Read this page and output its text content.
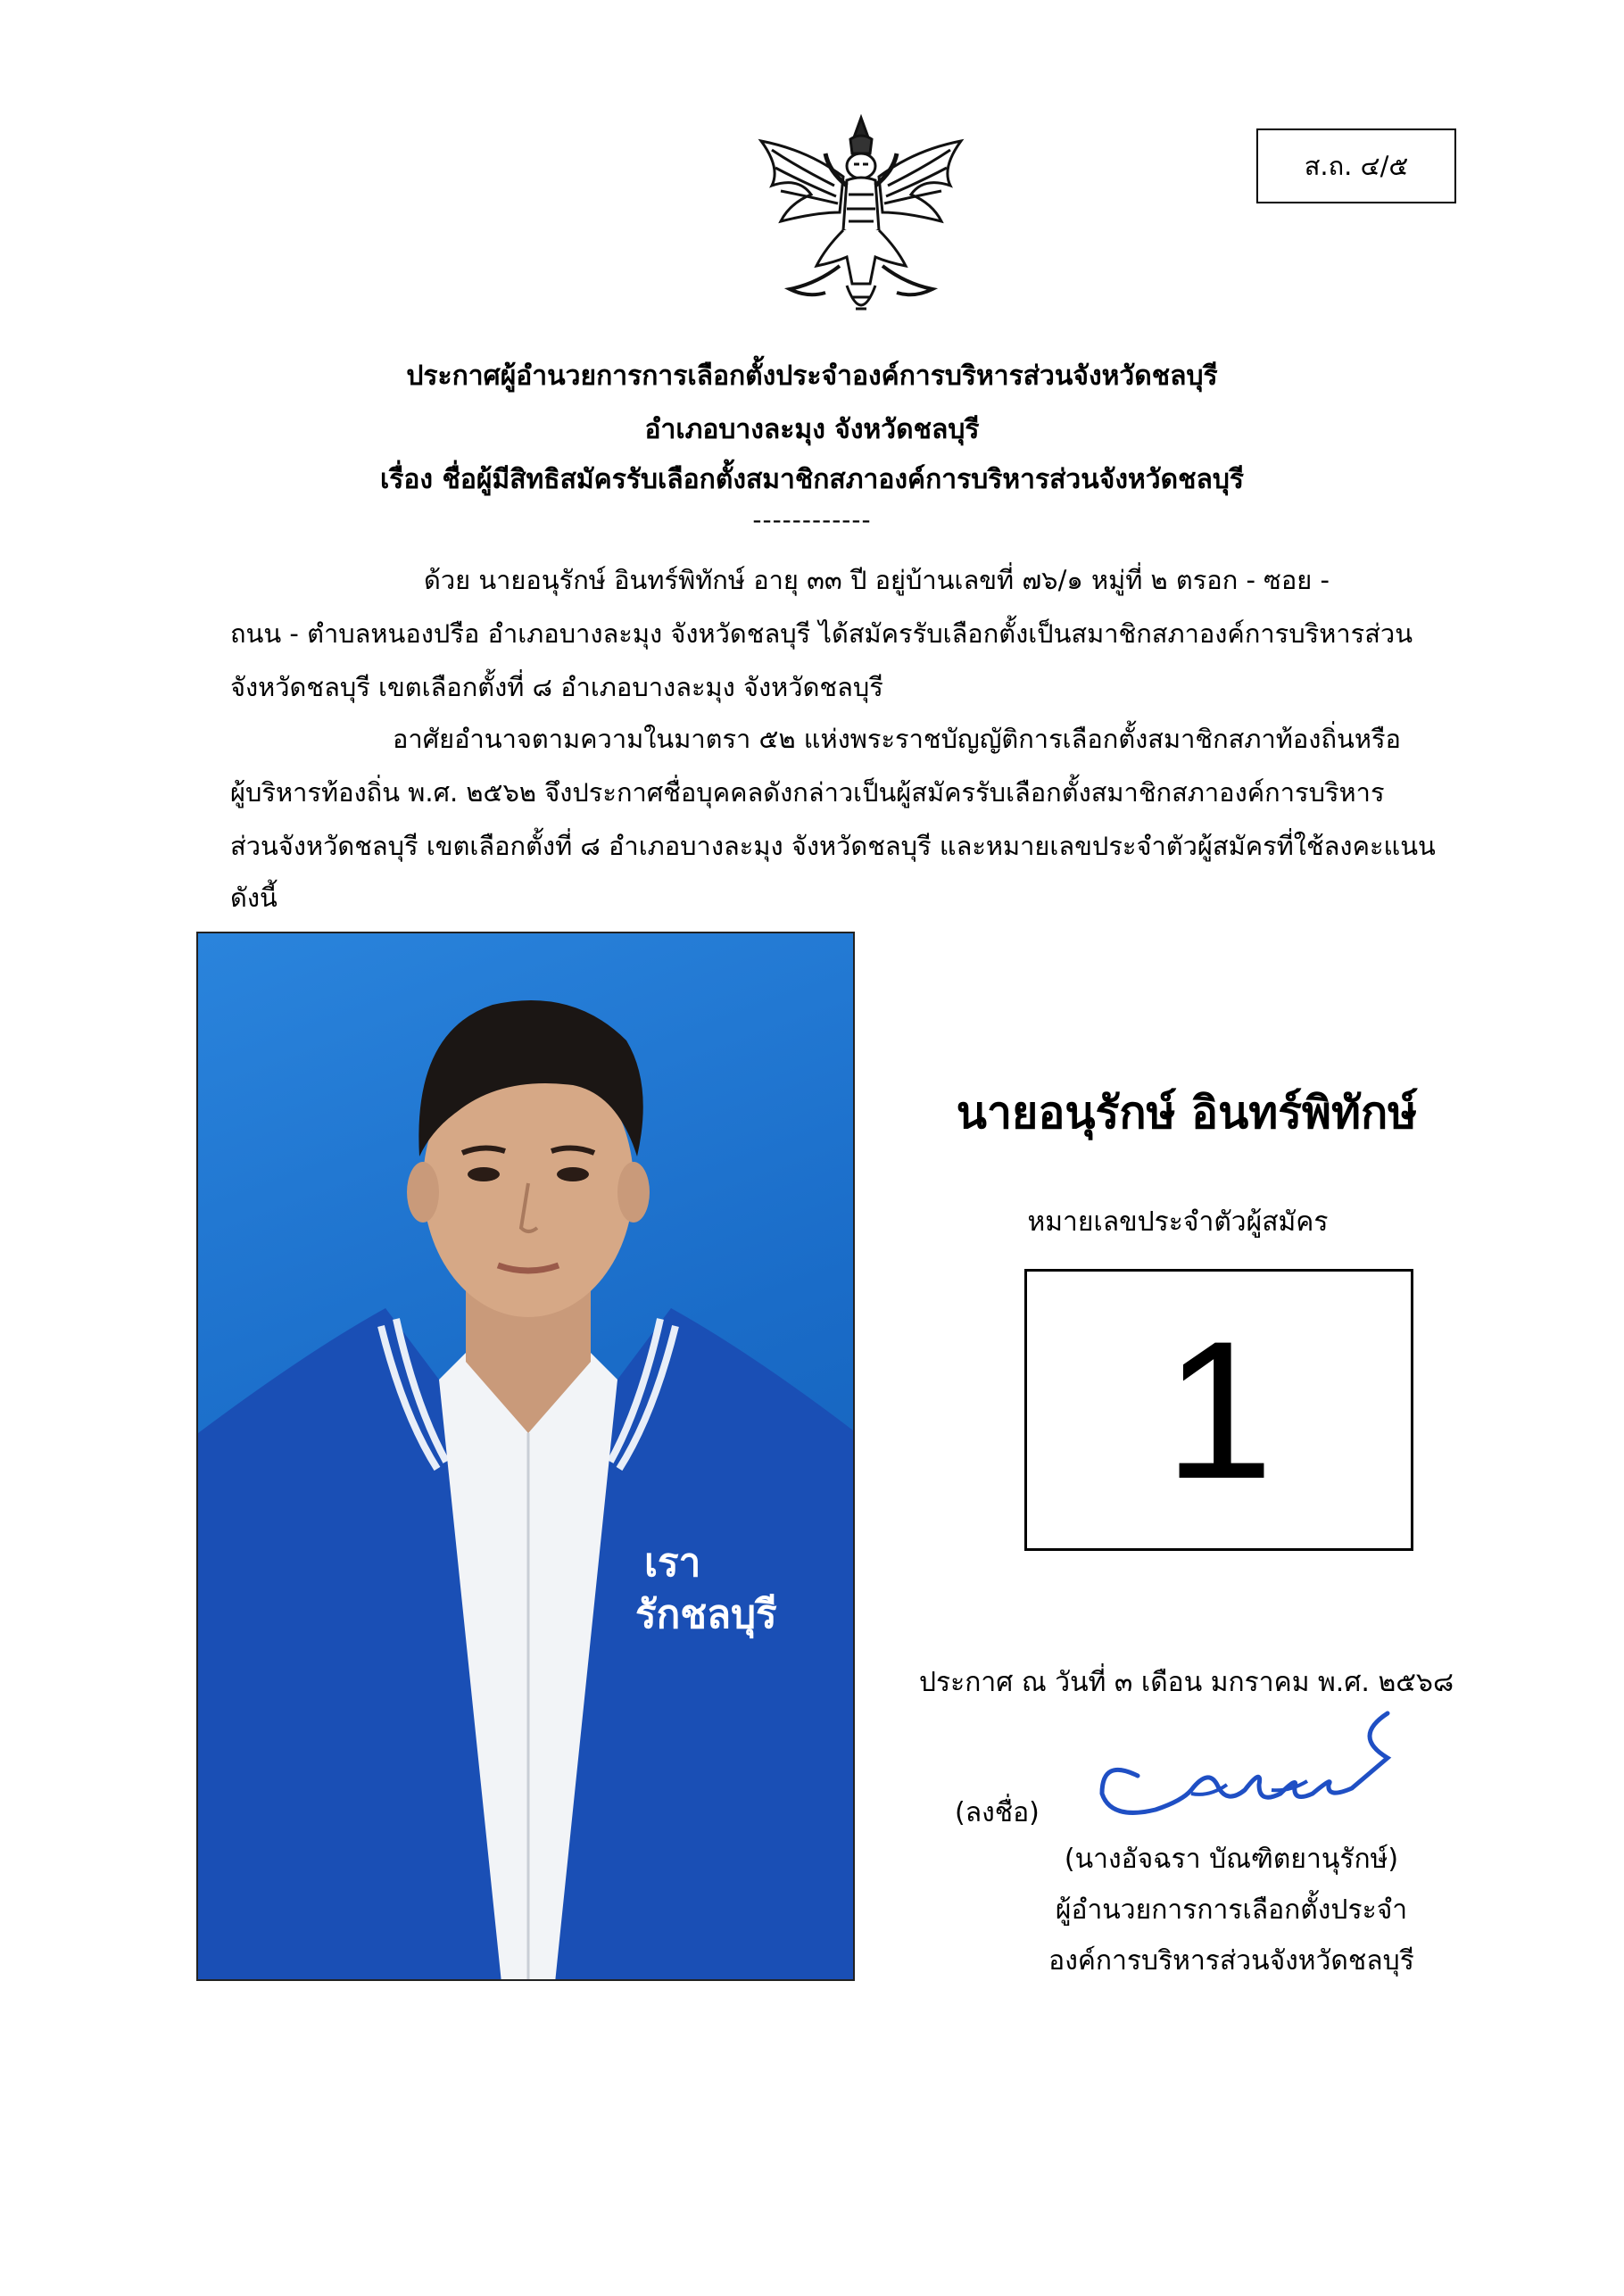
ส.ถ. ๔/๕
ประกาศผู้อำนวยการการเลือกตั้งประจำองค์การบริหารส่วนจังหวัดชลบุรี
อำเภอบางละมุง จังหวัดชลบุรี
เรื่อง ชื่อผู้มีสิทธิสมัครรับเลือกตั้งสมาชิกสภาองค์การบริหารส่วนจังหวัดชลบุรี
------------
ด้วย นายอนุรักษ์ อินทร์พิทักษ์ อายุ ๓๓ ปี อยู่บ้านเลขที่ ๗๖/๑ หมู่ที่ ๒ ตรอก - ซอย -
ถนน - ตำบลหนองปรือ อำเภอบางละมุง จังหวัดชลบุรี ได้สมัครรับเลือกตั้งเป็นสมาชิกสภาองค์การบริหารส่วน
จังหวัดชลบุรี เขตเลือกตั้งที่ ๘ อำเภอบางละมุง จังหวัดชลบุรี
อาศัยอำนาจตามความในมาตรา ๕๒ แห่งพระราชบัญญัติการเลือกตั้งสมาชิกสภาท้องถิ่นหรือ
ผู้บริหารท้องถิ่น พ.ศ. ๒๕๖๒ จึงประกาศชื่อบุคคลดังกล่าวเป็นผู้สมัครรับเลือกตั้งสมาชิกสภาองค์การบริหาร
ส่วนจังหวัดชลบุรี เขตเลือกตั้งที่ ๘ อำเภอบางละมุง จังหวัดชลบุรี และหมายเลขประจำตัวผู้สมัครที่ใช้ลงคะแนน
ดังนี้
เรา
รักชลบุรี
นายอนุรักษ์ อินทร์พิทักษ์
หมายเลขประจำตัวผู้สมัคร
1
ประกาศ ณ วันที่ ๓ เดือน มกราคม พ.ศ. ๒๕๖๘
(ลงชื่อ)
(นางอัจฉรา บัณฑิตยานุรักษ์)
ผู้อำนวยการการเลือกตั้งประจำ
องค์การบริหารส่วนจังหวัดชลบุรี
